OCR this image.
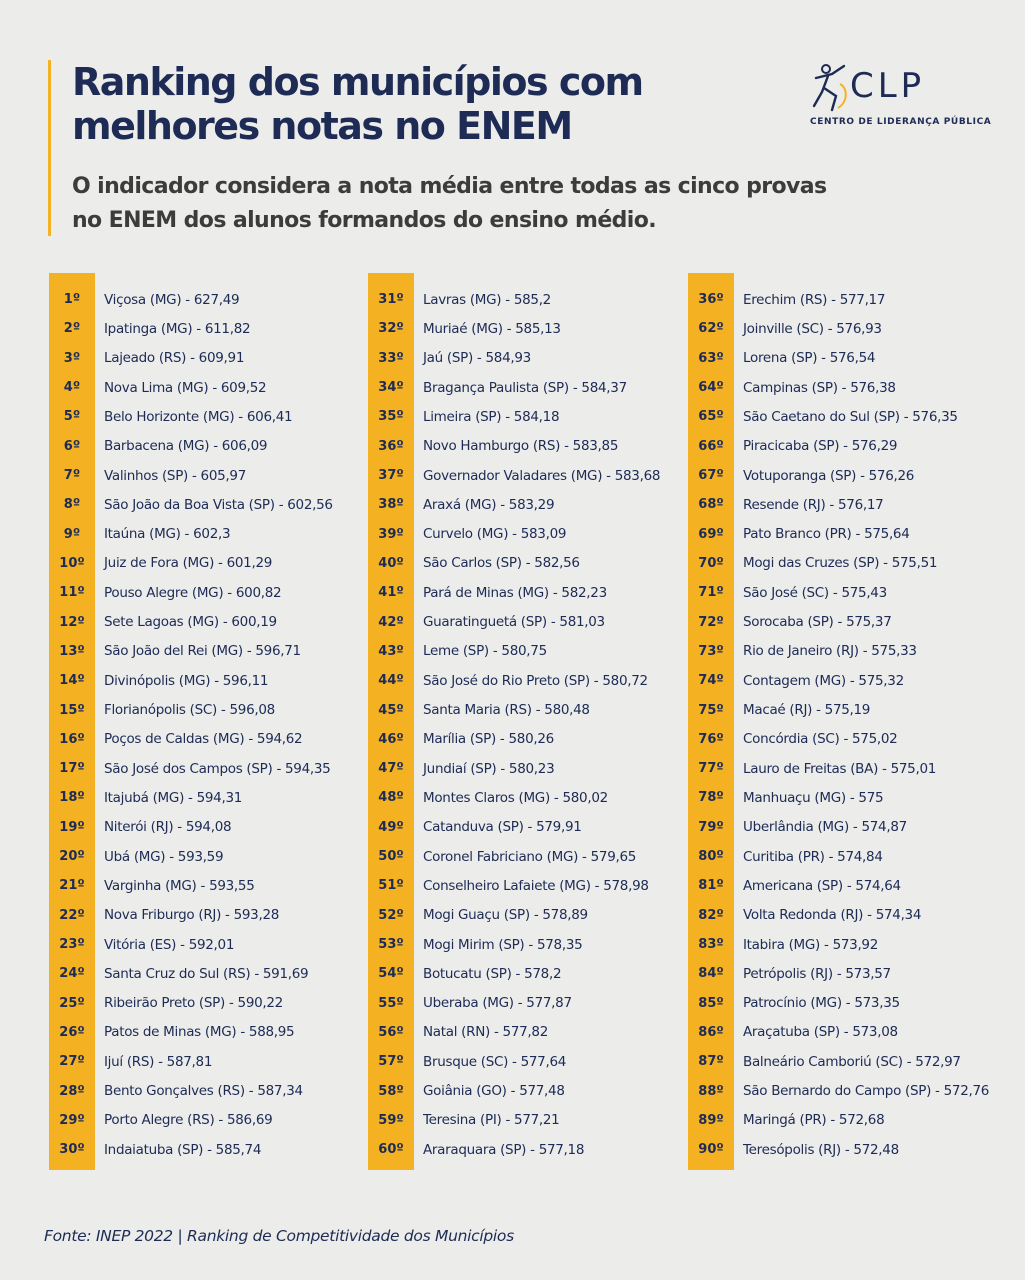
Ranking dos municípios com melhores notas no ENEM

O indicador considera a nota média entre todas as cinco provas no ENEM dos alunos formandos do ensino médio.

CLP
CENTRO DE LIDERANÇA PÚBLICA
1º	Viçosa (MG) - 627,49
2º	Ipatinga (MG) - 611,82
3º	Lajeado (RS) - 609,91
4º	Nova Lima (MG) - 609,52
5º	Belo Horizonte (MG) - 606,41
6º	Barbacena (MG) - 606,09
7º	Valinhos (SP) - 605,97
8º	São João da Boa Vista (SP) - 602,56
9º	Itaúna (MG) - 602,3
10º	Juiz de Fora (MG) - 601,29
11º	Pouso Alegre (MG) - 600,82
12º	Sete Lagoas (MG) - 600,19
13º	São João del Rei (MG) - 596,71
14º	Divinópolis (MG) - 596,11
15º	Florianópolis (SC) - 596,08
16º	Poços de Caldas (MG) - 594,62
17º	São José dos Campos (SP) - 594,35
18º	Itajubá (MG) - 594,31
19º	Niterói (RJ) - 594,08
20º	Ubá (MG) - 593,59
21º	Varginha (MG) - 593,55
22º	Nova Friburgo (RJ) - 593,28
23º	Vitória (ES) - 592,01
24º	Santa Cruz do Sul (RS) - 591,69
25º	Ribeirão Preto (SP) - 590,22
26º	Patos de Minas (MG) - 588,95
27º	Ijuí (RS) - 587,81
28º	Bento Gonçalves (RS) - 587,34
29º	Porto Alegre (RS) - 586,69
30º	Indaiatuba (SP) - 585,74
31º	Lavras (MG) - 585,2
32º	Muriaé (MG) - 585,13
33º	Jaú (SP) - 584,93
34º	Bragança Paulista (SP) - 584,37
35º	Limeira (SP) - 584,18
36º	Novo Hamburgo (RS) - 583,85
37º	Governador Valadares (MG) - 583,68
38º	Araxá (MG) - 583,29
39º	Curvelo (MG) - 583,09
40º	São Carlos (SP) - 582,56
41º	Pará de Minas (MG) - 582,23
42º	Guaratinguetá (SP) - 581,03
43º	Leme (SP) - 580,75
44º	São José do Rio Preto (SP) - 580,72
45º	Santa Maria (RS) - 580,48
46º	Marília (SP) - 580,26
47º	Jundiaí (SP) - 580,23
48º	Montes Claros (MG) - 580,02
49º	Catanduva (SP) - 579,91
50º	Coronel Fabriciano (MG) - 579,65
51º	Conselheiro Lafaiete (MG) - 578,98
52º	Mogi Guaçu (SP) - 578,89
53º	Mogi Mirim (SP) - 578,35
54º	Botucatu (SP) - 578,2
55º	Uberaba (MG) - 577,87
56º	Natal (RN) - 577,82
57º	Brusque (SC) - 577,64
58º	Goiânia (GO) - 577,48
59º	Teresina (PI) - 577,21
60º	Araraquara (SP) - 577,18
36º	Erechim (RS) - 577,17
62º	Joinville (SC) - 576,93
63º	Lorena (SP) - 576,54
64º	Campinas (SP) - 576,38
65º	São Caetano do Sul (SP) - 576,35
66º	Piracicaba (SP) - 576,29
67º	Votuporanga (SP) - 576,26
68º	Resende (RJ) - 576,17
69º	Pato Branco (PR) - 575,64
70º	Mogi das Cruzes (SP) - 575,51
71º	São José (SC) - 575,43
72º	Sorocaba (SP) - 575,37
73º	Rio de Janeiro (RJ) - 575,33
74º	Contagem (MG) - 575,32
75º	Macaé (RJ) - 575,19
76º	Concórdia (SC) - 575,02
77º	Lauro de Freitas (BA) - 575,01
78º	Manhuaçu (MG) - 575
79º	Uberlândia (MG) - 574,87
80º	Curitiba (PR) - 574,84
81º	Americana (SP) - 574,64
82º	Volta Redonda (RJ) - 574,34
83º	Itabira (MG) - 573,92
84º	Petrópolis (RJ) - 573,57
85º	Patrocínio (MG) - 573,35
86º	Araçatuba (SP) - 573,08
87º	Balneário Camboriú (SC) - 572,97
88º	São Bernardo do Campo (SP) - 572,76
89º	Maringá (PR) - 572,68
90º	Teresópolis (RJ) - 572,48

Fonte: INEP 2022 | Ranking de Competitividade dos Municípios
